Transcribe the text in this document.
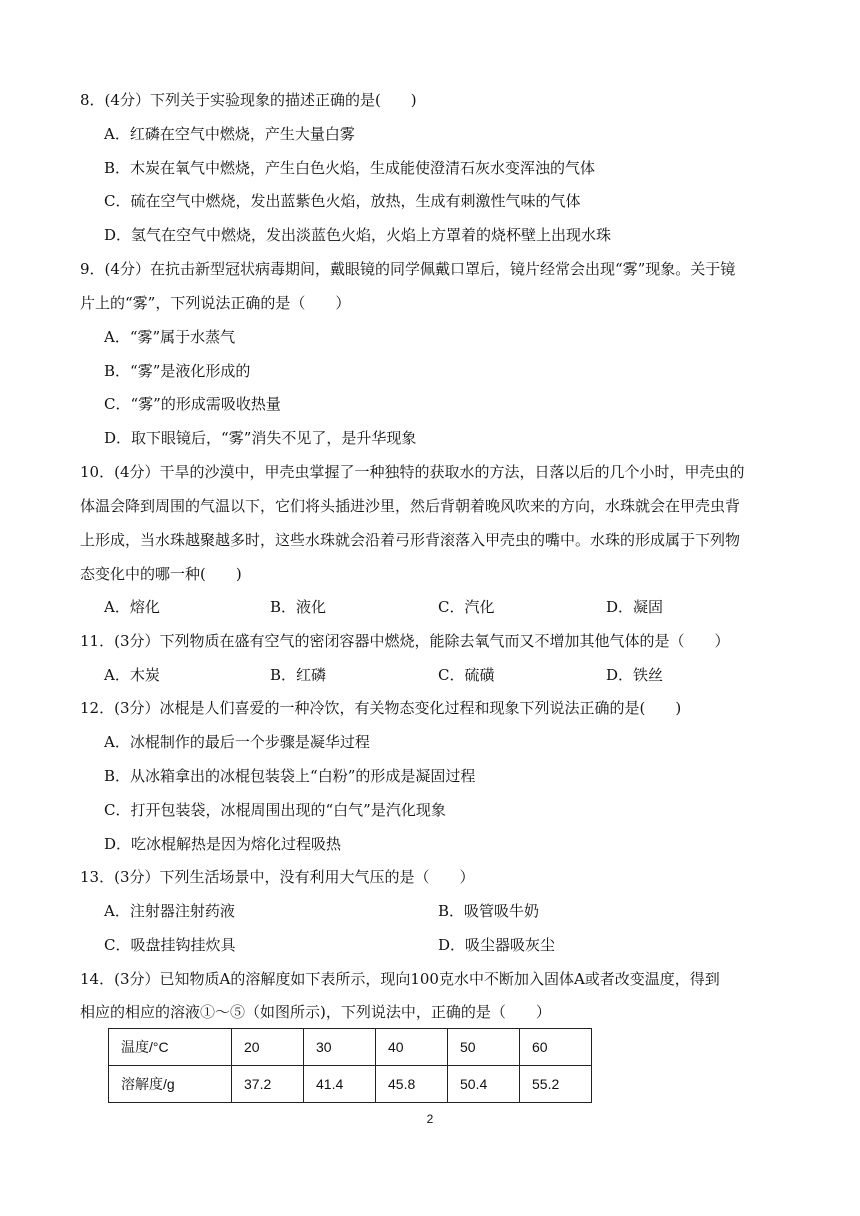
8．(4分）下列关于实验现象的描述正确的是(　　)
A．红磷在空气中燃烧，产生大量白雾
B．木炭在氧气中燃烧，产生白色火焰，生成能使澄清石灰水变浑浊的气体
C．硫在空气中燃烧，发出蓝紫色火焰，放热，生成有刺激性气味的气体
D．氢气在空气中燃烧，发出淡蓝色火焰，火焰上方罩着的烧杯壁上出现水珠
9．(4分）在抗击新型冠状病毒期间，戴眼镜的同学佩戴口罩后，镜片经常会出现“雾”现象。关于镜
片上的“雾”，下列说法正确的是（　　）
A．“雾”属于水蒸气
B．“雾”是液化形成的
C．“雾”的形成需吸收热量
D．取下眼镜后，“雾”消失不见了，是升华现象
10．(4分）干旱的沙漠中，甲壳虫掌握了一种独特的获取水的方法，日落以后的几个小时，甲壳虫的
体温会降到周围的气温以下，它们将头插进沙里，然后背朝着晚风吹来的方向，水珠就会在甲壳虫背
上形成，当水珠越聚越多时，这些水珠就会沿着弓形背滚落入甲壳虫的嘴中。水珠的形成属于下列物
态变化中的哪一种(　　)
A．熔化	B．液化	C．汽化	D．凝固
11．(3分）下列物质在盛有空气的密闭容器中燃烧，能除去氧气而又不增加其他气体的是（　　）
A．木炭	B．红磷	C．硫磺	D．铁丝
12．(3分）冰棍是人们喜爱的一种冷饮，有关物态变化过程和现象下列说法正确的是(　　)
A．冰棍制作的最后一个步骤是凝华过程
B．从冰箱拿出的冰棍包装袋上“白粉”的形成是凝固过程
C．打开包装袋，冰棍周围出现的“白气”是汽化现象
D．吃冰棍解热是因为熔化过程吸热
13．(3分）下列生活场景中，没有利用大气压的是（　　）
A．注射器注射药液	B．吸管吸牛奶
C．吸盘挂钩挂炊具	D．吸尘器吸灰尘
14．(3分）已知物质A的溶解度如下表所示，现向100克水中不断加入固体A或者改变温度，得到
相应的相应的溶液①～⑤（如图所示)，下列说法中，正确的是（　　）
温度/°C	20	30	40	50	60
溶解度/g	37.2	41.4	45.8	50.4	55.2
2
